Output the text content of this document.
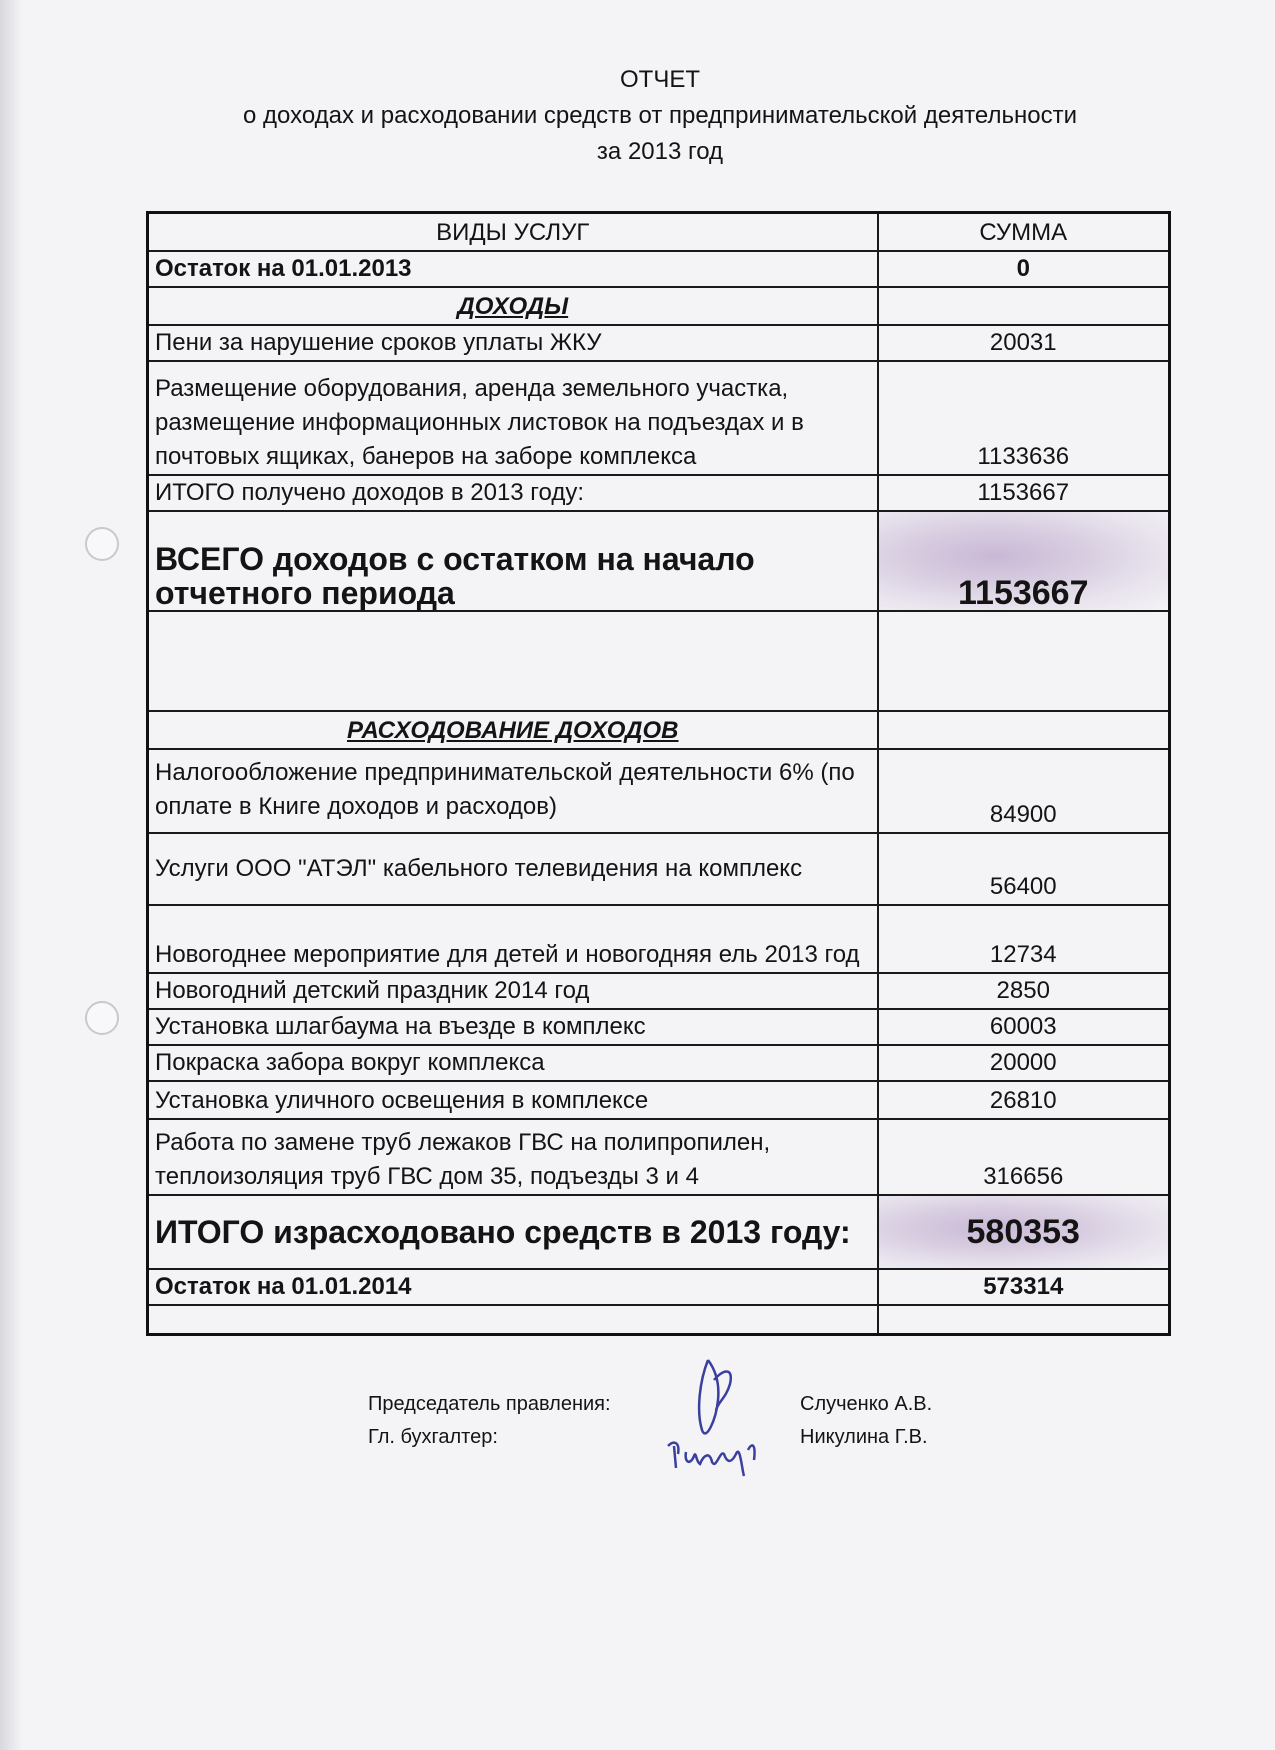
ОТЧЕТ
о доходах и расходовании средств от предпринимательской деятельности
за 2013 год
ВИДЫ УСЛУГ	СУММА
Остаток на 01.01.2013	0
ДОХОДЫ	
Пени за нарушение сроков уплаты ЖКУ	20031
Размещение оборудования, аренда земельного участка, размещение информационных листовок на подъездах и в почтовых ящиках, банеров на заборе комплекса	1133636
ИТОГО получено доходов в 2013 году:	1153667
ВСЕГО доходов с остатком на начало отчетного периода	1153667

РАСХОДОВАНИЕ ДОХОДОВ	
Налогообложение предпринимательской деятельности 6% (по оплате в Книге доходов и расходов)	84900
Услуги ООО "АТЭЛ" кабельного телевидения на комплекс	56400
Новогоднее мероприятие для детей и новогодняя ель 2013 год	12734
Новогодний детский праздник 2014 год	2850
Установка шлагбаума на въезде в комплекс	60003
Покраска забора вокруг комплекса	20000
Установка уличного освещения в комплексе	26810
Работа по замене труб лежаков ГВС на полипропилен, теплоизоляция труб ГВС дом 35, подъезды 3 и 4	316656
ИТОГО израсходовано средств в 2013 году:	580353
Остаток на 01.01.2014	573314

Председатель правления:	Слученко А.В.
Гл. бухгалтер:	Никулина Г.В.
